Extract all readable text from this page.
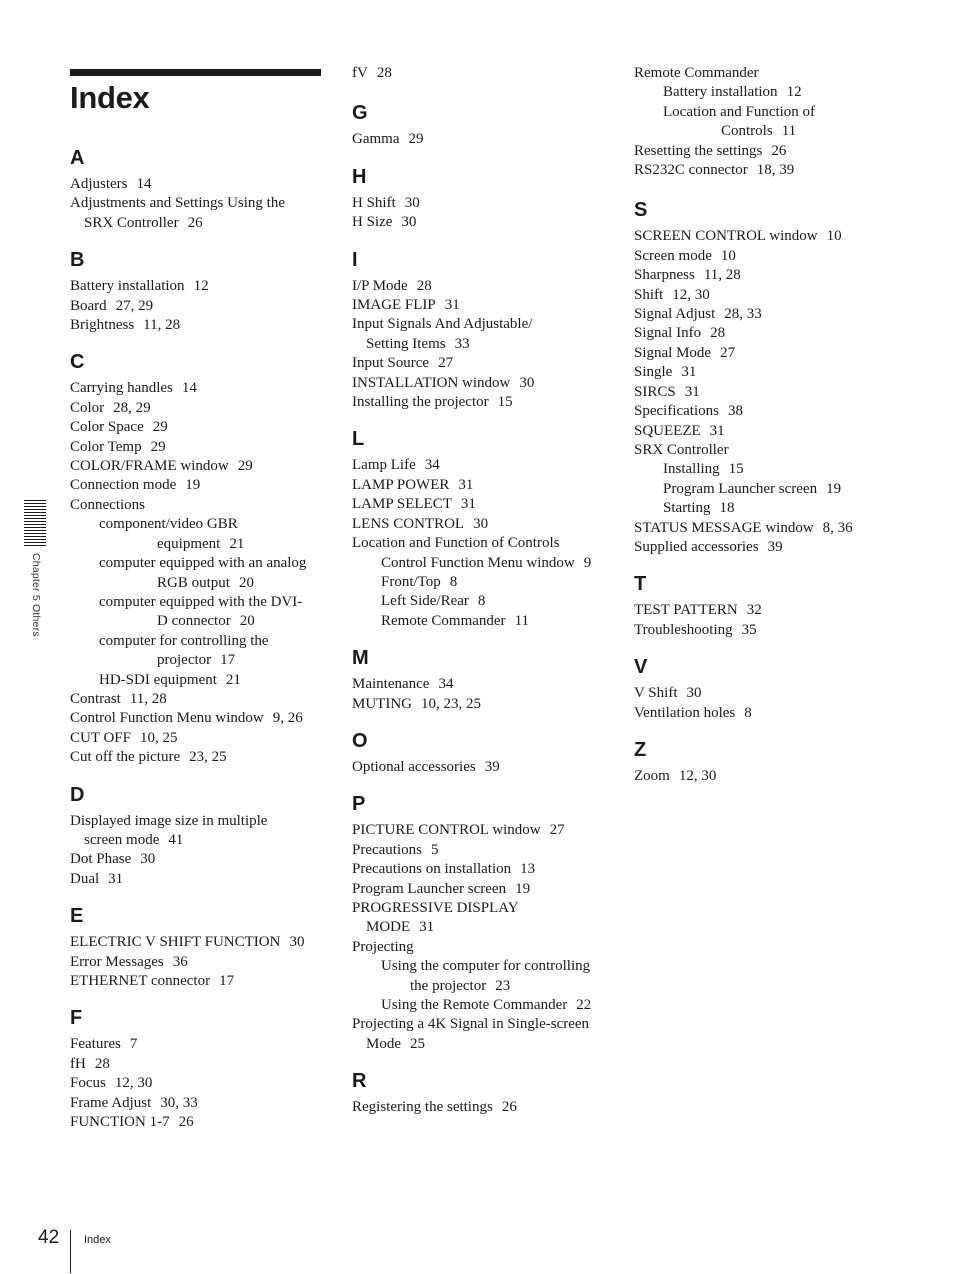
Index
Chapter 5 Others
A
Adjusters 14
Adjustments and Settings Using the
SRX Controller 26
B
Battery installation 12
Board 27, 29
Brightness 11, 28
C
Carrying handles 14
Color 28, 29
Color Space 29
Color Temp 29
COLOR/FRAME window 29
Connection mode 19
Connections
component/video GBR
equipment 21
computer equipped with an analog
RGB output 20
computer equipped with the DVI-
D connector 20
computer for controlling the
projector 17
HD-SDI equipment 21
Contrast 11, 28
Control Function Menu window 9, 26
CUT OFF 10, 25
Cut off the picture 23, 25
D
Displayed image size in multiple
screen mode 41
Dot Phase 30
Dual 31
E
ELECTRIC V SHIFT FUNCTION 30
Error Messages 36
ETHERNET connector 17
F
Features 7
fH 28
Focus 12, 30
Frame Adjust 30, 33
FUNCTION 1-7 26
fV 28
G
Gamma 29
H
H Shift 30
H Size 30
I
I/P Mode 28
IMAGE FLIP 31
Input Signals And Adjustable/
Setting Items 33
Input Source 27
INSTALLATION window 30
Installing the projector 15
L
Lamp Life 34
LAMP POWER 31
LAMP SELECT 31
LENS CONTROL 30
Location and Function of Controls
Control Function Menu window 9
Front/Top 8
Left Side/Rear 8
Remote Commander 11
M
Maintenance 34
MUTING 10, 23, 25
O
Optional accessories 39
P
PICTURE CONTROL window 27
Precautions 5
Precautions on installation 13
Program Launcher screen 19
PROGRESSIVE DISPLAY
MODE 31
Projecting
Using the computer for controlling
the projector 23
Using the Remote Commander 22
Projecting a 4K Signal in Single-screen
Mode 25
R
Registering the settings 26
Remote Commander
Battery installation 12
Location and Function of
Controls 11
Resetting the settings 26
RS232C connector 18, 39
S
SCREEN CONTROL window 10
Screen mode 10
Sharpness 11, 28
Shift 12, 30
Signal Adjust 28, 33
Signal Info 28
Signal Mode 27
Single 31
SIRCS 31
Specifications 38
SQUEEZE 31
SRX Controller
Installing 15
Program Launcher screen 19
Starting 18
STATUS MESSAGE window 8, 36
Supplied accessories 39
T
TEST PATTERN 32
Troubleshooting 35
V
V Shift 30
Ventilation holes 8
Z
Zoom 12, 30
42 Index
